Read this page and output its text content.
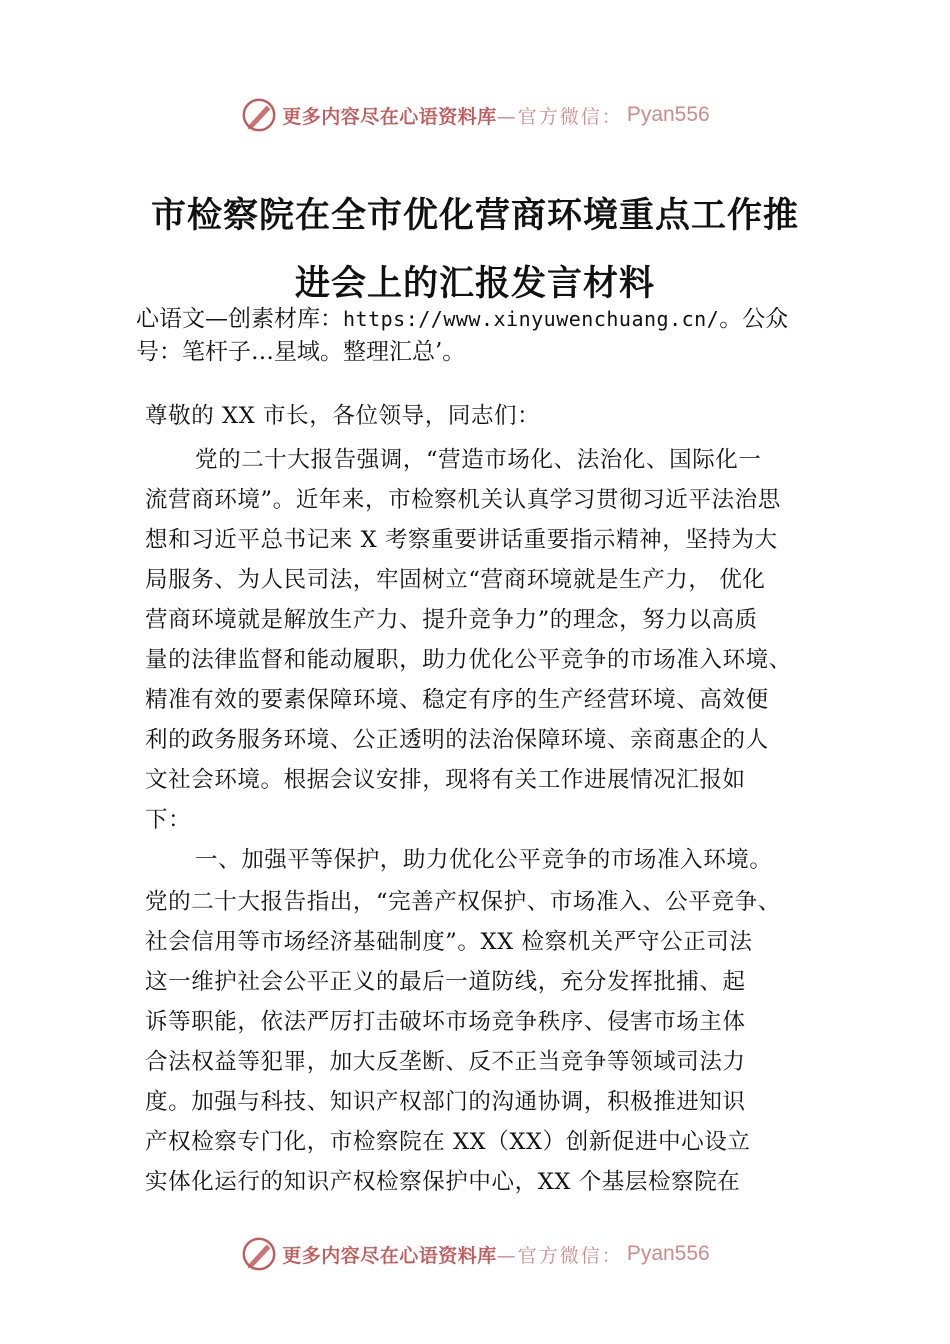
更多内容尽在心语资料库 —官方微信： Pyan556
市检察院在全市优化营商环境重点工作推
进会上的汇报发言材料

心语文—创素材库：https://www.xinyuwenchuang.cn/。公众
号：笔杆子…星域。整理汇总’。

尊敬的 XX 市长，各位领导，同志们：

党的二十大报告强调，“营造市场化、法治化、国际化一

流营商环境”。近年来，市检察机关认真学习贯彻习近平法治思

想和习近平总书记来 X 考察重要讲话重要指示精神，坚持为大

局服务、为人民司法，牢固树立“营商环境就是生产力， 优化

营商环境就是解放生产力、提升竞争力”的理念，努力以高质

量的法律监督和能动履职，助力优化公平竞争的市场准入环境、

精准有效的要素保障环境、稳定有序的生产经营环境、高效便

利的政务服务环境、公正透明的法治保障环境、亲商惠企的人

文社会环境。根据会议安排，现将有关工作进展情况汇报如

下：

一、加强平等保护，助力优化公平竞争的市场准入环境。

党的二十大报告指出，“完善产权保护、市场准入、公平竞争、

社会信用等市场经济基础制度”。XX 检察机关严守公正司法

这一维护社会公平正义的最后一道防线，充分发挥批捕、起

诉等职能，依法严厉打击破坏市场竞争秩序、侵害市场主体

合法权益等犯罪，加大反垄断、反不正当竞争等领域司法力

度。加强与科技、知识产权部门的沟通协调，积极推进知识

产权检察专门化，市检察院在 XX（XX）创新促进中心设立

实体化运行的知识产权检察保护中心，XX 个基层检察院在

更多内容尽在心语资料库 —官方微信： Pyan556
